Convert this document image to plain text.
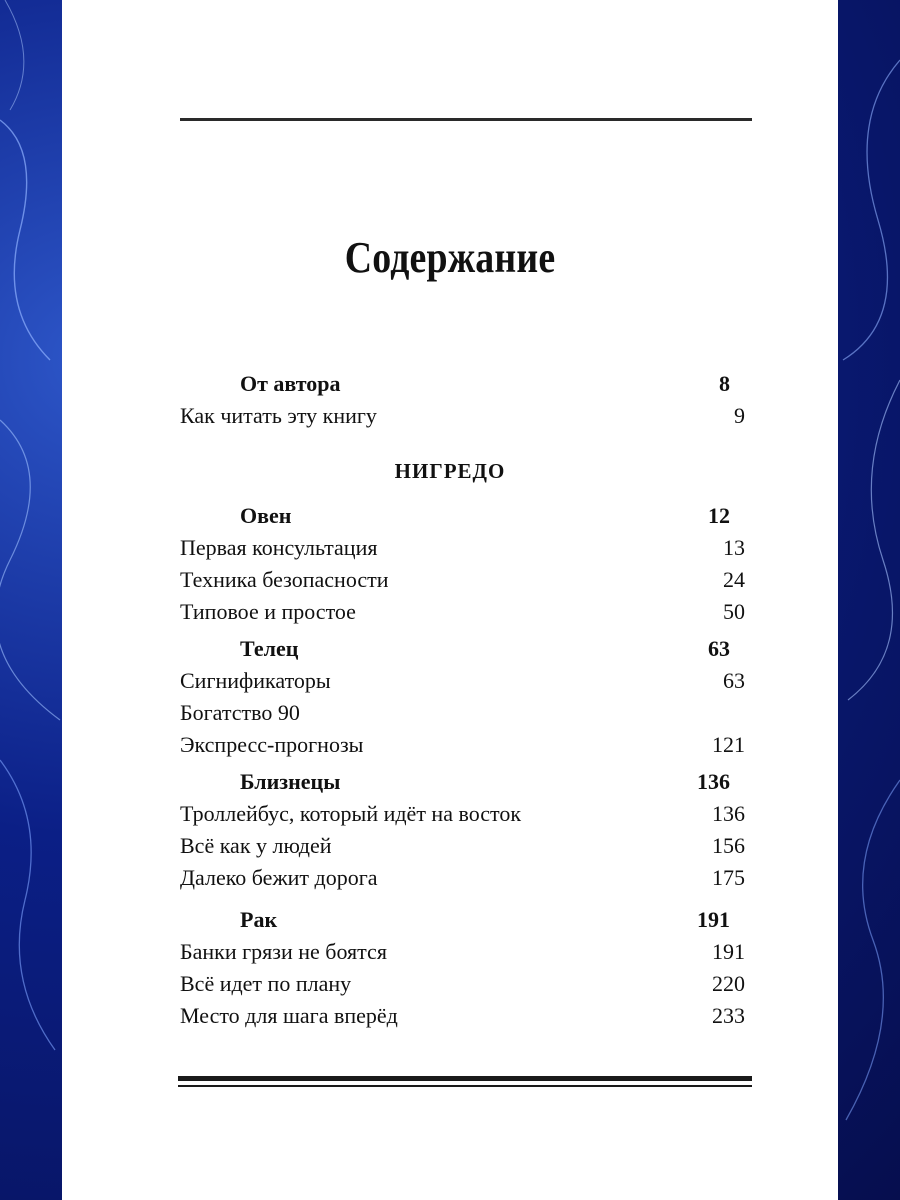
Содержание
От автора	8
Как читать эту книгу	9
НИГРЕДО
Овен	12
Первая консультация	13
Техника безопасности	24
Типовое и простое	50
Телец	63
Сигнификаторы	63
Богатство 90
Экспресс-прогнозы	121
Близнецы	136
Троллейбус, который идёт на восток	136
Всё как у людей	156
Далеко бежит дорога	175
Рак	191
Банки грязи не боятся	191
Всё идет по плану	220
Место для шага вперёд	233
